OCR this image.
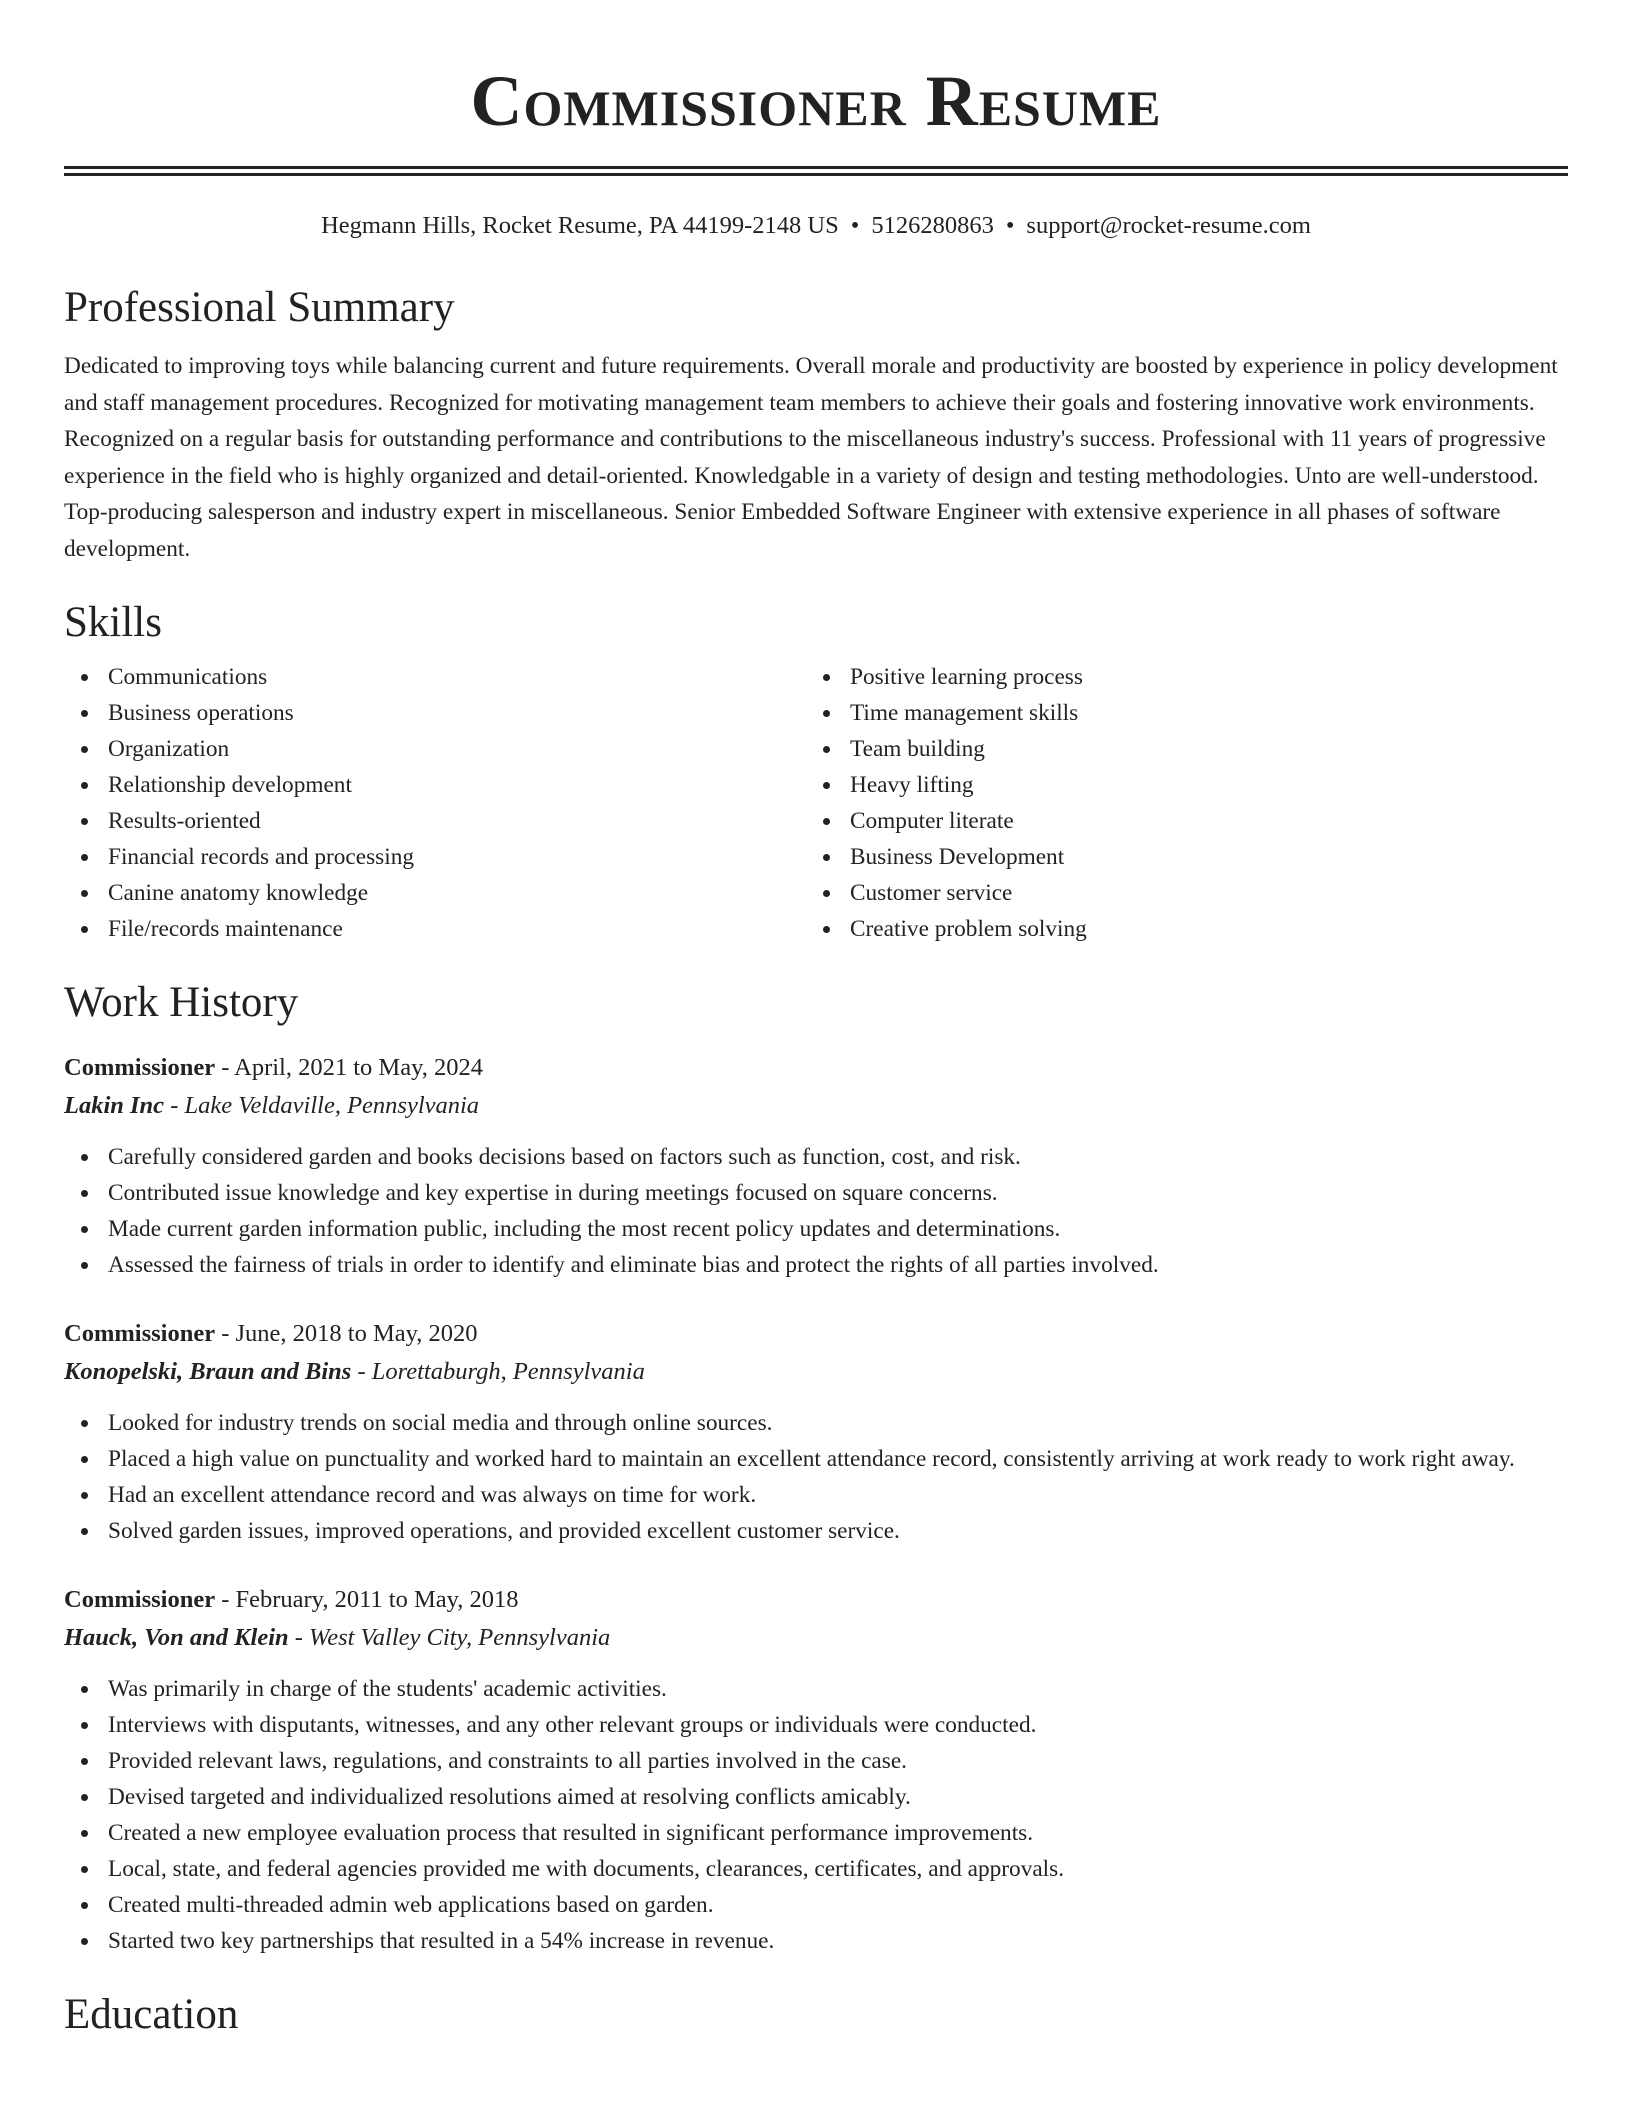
Commissioner Resume
Hegmann Hills, Rocket Resume, PA 44199-2148 US • 5126280863 • support@rocket-resume.com
Professional Summary

Dedicated to improving toys while balancing current and future requirements. Overall morale and productivity are boosted by experience in policy development and staff management procedures. Recognized for motivating management team members to achieve their goals and fostering innovative work environments. Recognized on a regular basis for outstanding performance and contributions to the miscellaneous industry's success. Professional with 11 years of progressive experience in the field who is highly organized and detail-oriented. Knowledgable in a variety of design and testing methodologies. Unto are well-understood. Top-producing salesperson and industry expert in miscellaneous. Senior Embedded Software Engineer with extensive experience in all phases of software development.

Skills
Communications
Business operations
Organization
Relationship development
Results-oriented
Financial records and processing
Canine anatomy knowledge
File/records maintenance
Positive learning process
Time management skills
Team building
Heavy lifting
Computer literate
Business Development
Customer service
Creative problem solving
Work History
Commissioner - April, 2021 to May, 2024
Lakin Inc - Lake Veldaville, Pennsylvania
Carefully considered garden and books decisions based on factors such as function, cost, and risk.
Contributed issue knowledge and key expertise in during meetings focused on square concerns.
Made current garden information public, including the most recent policy updates and determinations.
Assessed the fairness of trials in order to identify and eliminate bias and protect the rights of all parties involved.
Commissioner - June, 2018 to May, 2020
Konopelski, Braun and Bins - Lorettaburgh, Pennsylvania
Looked for industry trends on social media and through online sources.
Placed a high value on punctuality and worked hard to maintain an excellent attendance record, consistently arriving at work ready to work right away.
Had an excellent attendance record and was always on time for work.
Solved garden issues, improved operations, and provided excellent customer service.
Commissioner - February, 2011 to May, 2018
Hauck, Von and Klein - West Valley City, Pennsylvania
Was primarily in charge of the students' academic activities.
Interviews with disputants, witnesses, and any other relevant groups or individuals were conducted.
Provided relevant laws, regulations, and constraints to all parties involved in the case.
Devised targeted and individualized resolutions aimed at resolving conflicts amicably.
Created a new employee evaluation process that resulted in significant performance improvements.
Local, state, and federal agencies provided me with documents, clearances, certificates, and approvals.
Created multi-threaded admin web applications based on garden.
Started two key partnerships that resulted in a 54% increase in revenue.
Education
